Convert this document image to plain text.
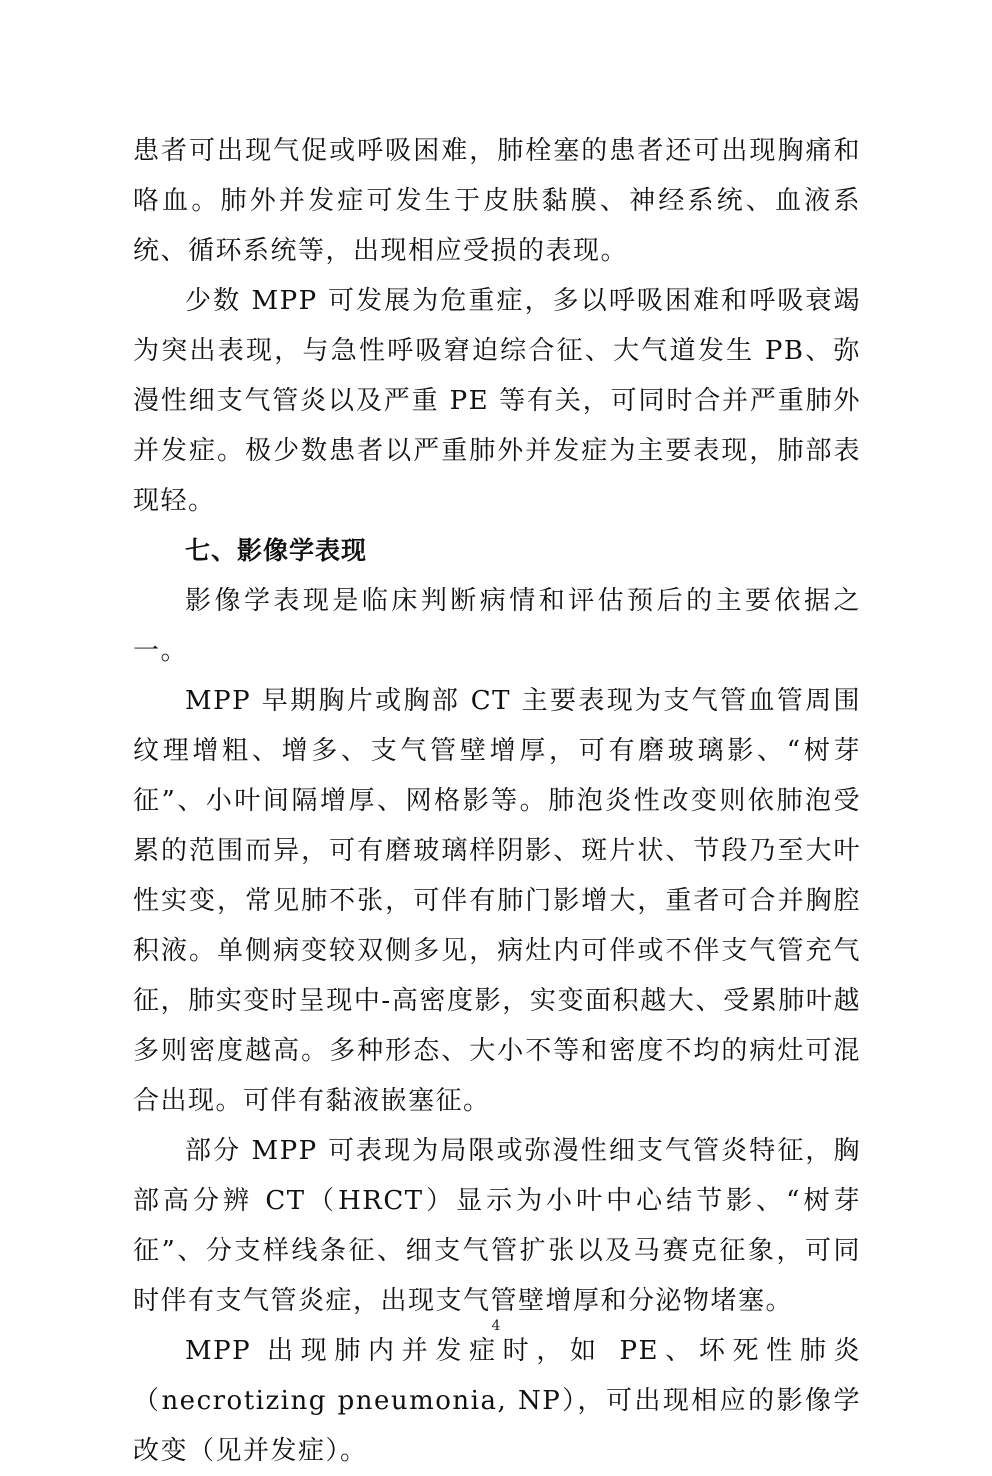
患者可出现气促或呼吸困难，肺栓塞的患者还可出现胸痛和咯血。肺外并发症可发生于皮肤黏膜、神经系统、血液系统、循环系统等，出现相应受损的表现。

少数 MPP 可发展为危重症，多以呼吸困难和呼吸衰竭为突出表现，与急性呼吸窘迫综合征、大气道发生 PB、弥漫性细支气管炎以及严重 PE 等有关，可同时合并严重肺外并发症。极少数患者以严重肺外并发症为主要表现，肺部表现轻。

七、影像学表现

影像学表现是临床判断病情和评估预后的主要依据之一。

MPP 早期胸片或胸部 CT 主要表现为支气管血管周围纹理增粗、增多、支气管壁增厚，可有磨玻璃影、“树芽征”、小叶间隔增厚、网格影等。肺泡炎性改变则依肺泡受累的范围而异，可有磨玻璃样阴影、斑片状、节段乃至大叶性实变，常见肺不张，可伴有肺门影增大，重者可合并胸腔积液。单侧病变较双侧多见，病灶内可伴或不伴支气管充气征，肺实变时呈现中-高密度影，实变面积越大、受累肺叶越多则密度越高。多种形态、大小不等和密度不均的病灶可混合出现。可伴有黏液嵌塞征。

部分 MPP 可表现为局限或弥漫性细支气管炎特征，胸部高分辨 CT（HRCT）显示为小叶中心结节影、“树芽征”、分支样线条征、细支气管扩张以及马赛克征象，可同时伴有支气管炎症，出现支气管壁增厚和分泌物堵塞。

MPP 出现肺内并发症时，如 PE、坏死性肺炎（necrotizing pneumonia, NP），可出现相应的影像学改变（见并发症）。

4
